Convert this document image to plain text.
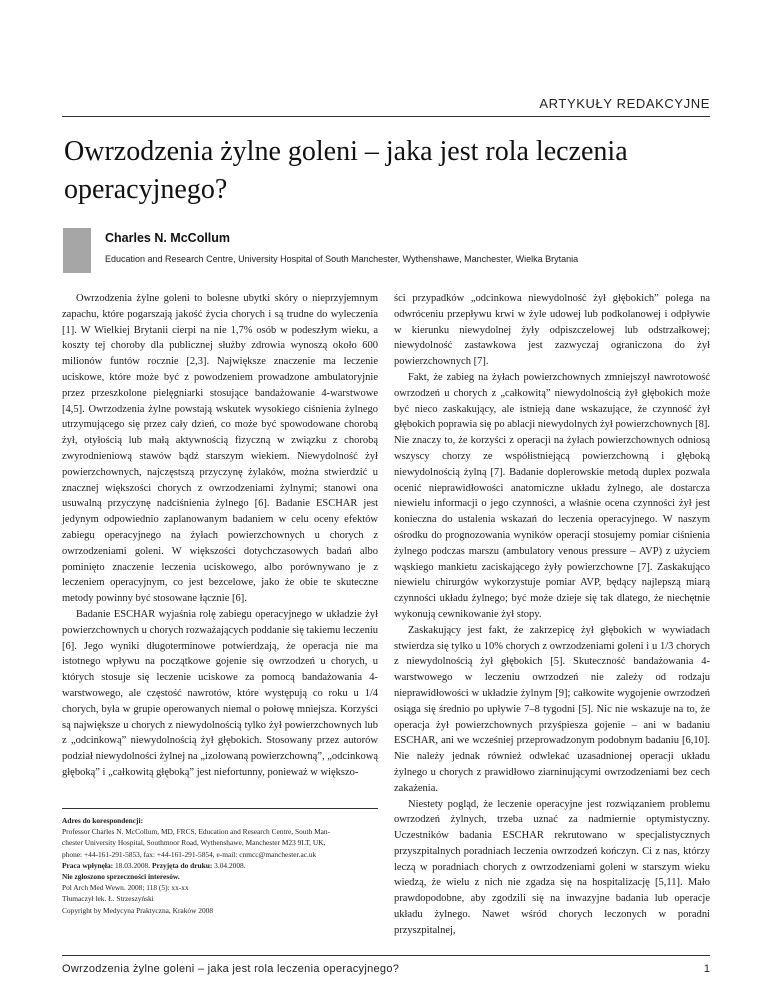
ARTYKUŁY REDAKCYJNE
Owrzodzenia żylne goleni – jaka jest rola leczenia operacyjnego?
Charles N. McCollum
Education and Research Centre, University Hospital of South Manchester, Wythenshawe, Manchester, Wielka Brytania

Owrzodzenia żylne goleni to bolesne ubytki skóry o nieprzyjemnym zapachu, które pogarszają jakość życia chorych i są trudne do wyleczenia [1]. W Wielkiej Brytanii cierpi na nie 1,7% osób w podeszłym wieku, a koszty tej choroby dla publicznej służby zdrowia wynoszą około 600 milionów funtów rocznie [2,3]. Największe znaczenie ma leczenie uciskowe, które może być z powodzeniem prowadzone ambulatoryjnie przez przeszkolone pielęgniarki stosujące bandażowanie 4-warstwowe [4,5]. Owrzodzenia żylne powstają wskutek wysokiego ciśnienia żylnego utrzymującego się przez cały dzień, co może być spowodowane chorobą żył, otyłością lub małą aktywnością fizyczną w związku z chorobą zwyrodnieniową stawów bądź starszym wiekiem. Niewydolność żył powierzchownych, najczęstszą przyczynę żylaków, można stwierdzić u znacznej większości chorych z owrzodzeniami żylnymi; stanowi ona usuwalną przyczynę nadciśnienia żylnego [6]. Badanie ESCHAR jest jedynym odpowiednio zaplanowanym badaniem w celu oceny efektów zabiegu operacyjnego na żyłach powierzchownych u chorych z owrzodzeniami goleni. W większości dotychczasowych badań albo pominięto znaczenie leczenia uciskowego, albo porównywano je z leczeniem operacyjnym, co jest bezcelowe, jako że obie te skuteczne metody powinny być stosowane łącznie [6].

Badanie ESCHAR wyjaśnia rolę zabiegu operacyjnego w układzie żył powierzchownych u chorych rozważających poddanie się takiemu leczeniu [6]. Jego wyniki długoterminowe potwierdzają, że operacja nie ma istotnego wpływu na początkowe gojenie się owrzodzeń u chorych, u których stosuje się leczenie uciskowe za pomocą bandażowania 4-warstwowego, ale częstość nawrotów, które występują co roku u 1/4 chorych, była w grupie operowanych niemal o połowę mniejsza. Korzyści są największe u chorych z niewydolnością tylko żył powierzchownych lub z „odcinkową” niewydolnością żył głębokich. Stosowany przez autorów podział niewydolności żylnej na „izolowaną powierzchowną”, „odcinkową głęboką” i „całkowitą głęboką” jest niefortunny, ponieważ w większo-

ści przypadków „odcinkowa niewydolność żył głębokich” polega na odwróceniu przepływu krwi w żyle udowej lub podkolanowej i odpływie w kierunku niewydolnej żyły odpiszczelowej lub odstrzałkowej; niewydolność zastawkowa jest zazwyczaj ograniczona do żył powierzchownych [7].

Fakt, że zabieg na żyłach powierzchownych zmniejszył nawrotowość owrzodzeń u chorych z „całkowitą” niewydolnością żył głębokich może być nieco zaskakujący, ale istnieją dane wskazujące, że czynność żył głębokich poprawia się po ablacji niewydolnych żył powierzchownych [8]. Nie znaczy to, że korzyści z operacji na żyłach powierzchownych odniosą wszyscy chorzy ze współistniejącą powierzchowną i głęboką niewydolnością żylną [7]. Badanie doplerowskie metodą duplex pozwala ocenić nieprawidłowości anatomiczne układu żylnego, ale dostarcza niewielu informacji o jego czynności, a właśnie ocena czynności żył jest konieczna do ustalenia wskazań do leczenia operacyjnego. W naszym ośrodku do prognozowania wyników operacji stosujemy pomiar ciśnienia żylnego podczas marszu (ambulatory venous pressure – AVP) z użyciem wąskiego mankietu zaciskającego żyły powierzchowne [7]. Zaskakująco niewielu chirurgów wykorzystuje pomiar AVP, będący najlepszą miarą czynności układu żylnego; być może dzieje się tak dlatego, że niechętnie wykonują cewnikowanie żył stopy.

Zaskakujący jest fakt, że zakrzepicę żył głębokich w wywiadach stwierdza się tylko u 10% chorych z owrzodzeniami goleni i u 1/3 chorych z niewydolnością żył głębokich [5]. Skuteczność bandażowania 4-warstwowego w leczeniu owrzodzeń nie zależy od rodzaju nieprawidłowości w układzie żylnym [9]; całkowite wygojenie owrzodzeń osiąga się średnio po upływie 7–8 tygodni [5]. Nic nie wskazuje na to, że operacja żył powierzchownych przyśpiesza gojenie – ani w badaniu ESCHAR, ani we wcześniej przeprowadzonym podobnym badaniu [6,10]. Nie należy jednak również odwlekać uzasadnionej operacji układu żylnego u chorych z prawidłowo ziarninującymi owrzodzeniami bez cech zakażenia.

Niestety pogląd, że leczenie operacyjne jest rozwiązaniem problemu owrzodzeń żylnych, trzeba uznać za nadmiernie optymistyczny. Uczestników badania ESCHAR rekrutowano w specjalistycznych przyszpitalnych poradniach leczenia owrzodzeń kończyn. Ci z nas, którzy leczą w poradniach chorych z owrzodzeniami goleni w starszym wieku wiedzą, że wielu z nich nie zgadza się na hospitalizację [5,11]. Mało prawdopodobne, aby zgodzili się na inwazyjne badania lub operacje układu żylnego. Nawet wśród chorych leczonych w poradni przyszpitalnej,

Adres do korespondencji:
Professor Charles N. McCollum, MD, FRCS, Education and Research Centre, South Man-
chester University Hospital, Southmoor Road, Wythenshawe, Manchester M23 9LT, UK,
phone: +44-161-291-5853, fax: +44-161-291-5854, e-mail: cnmcc@manchester.ac.uk
Praca wpłynęła: 18.03.2008. Przyjęta do druku: 3.04.2008.
Nie zgłoszono sprzeczności interesów.
Pol Arch Med Wewn. 2008; 118 (5): xx-xx
Tłumaczył lek. Ł. Strzeszyński
Copyright by Medycyna Praktyczna, Kraków 2008
Owrzodzenia żylne goleni – jaka jest rola leczenia operacyjnego?	1
